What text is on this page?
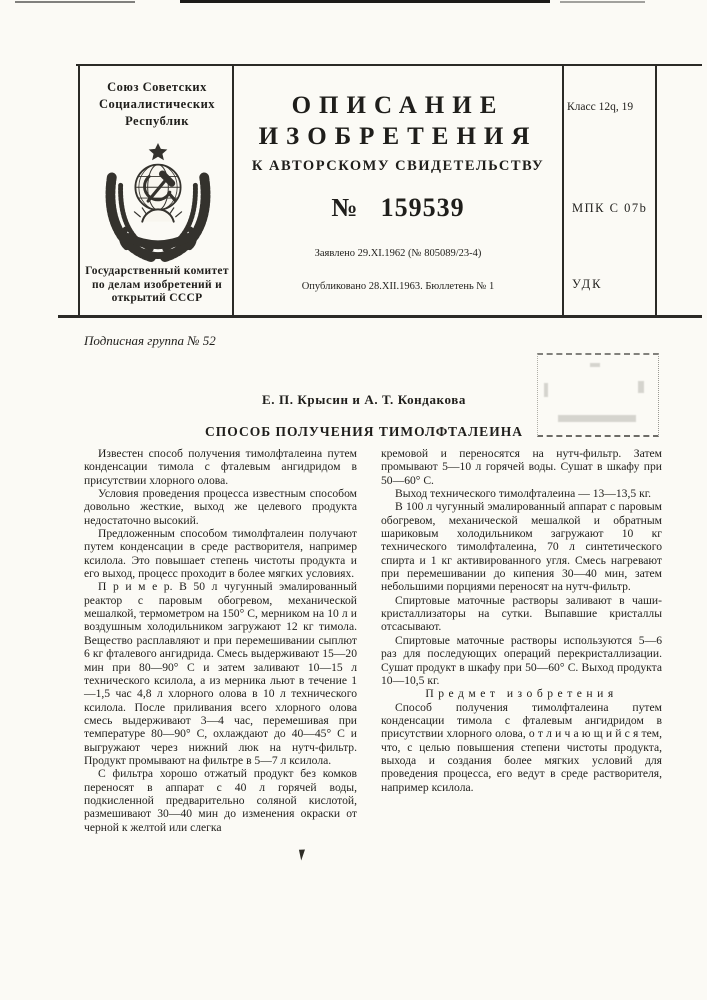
Союз Советских Социалистических Республик
Государственный комитет по делам изобретений и открытий СССР
ОПИСАНИЕ
ИЗОБРЕТЕНИЯ
К АВТОРСКОМУ СВИДЕТЕЛЬСТВУ
№ 159539
Заявлено 29.XI.1962 (№ 805089/23-4)
Опубликовано 28.XII.1963. Бюллетень № 1
Класс 12q, 19
МПК С 07b
УДК
Подписная группа № 52
Е. П. Крысин и А. Т. Кондакова
СПОСОБ ПОЛУЧЕНИЯ ТИМОЛФТАЛЕИНА

Известен способ получения тимолфталеина путем конденсации тимола с фталевым ангидридом в присутствии хлорного олова.

Условия проведения процесса известным способом довольно жесткие, выход же целевого продукта недостаточно высокий.

Предложенным способом тимолфталеин получают путем конденсации в среде растворителя, например ксилола. Это повышает степень чистоты продукта и его выход, процесс проходит в более мягких условиях.

П р и м е р. В 50 л чугунный эмалированный реактор с паровым обогревом, механической мешалкой, термометром на 150° С, мерником на 10 л и воздушным холодильником загружают 12 кг тимола. Вещество расплавляют и при перемешивании сыплют 6 кг фталевого ангидрида. Смесь выдерживают 15—20 мин при 80—90° С и затем заливают 10—15 л технического ксилола, а из мерника льют в течение 1—1,5 час 4,8 л хлорного олова в 10 л технического ксилола. После приливания всего хлорного олова смесь выдерживают 3—4 час, перемешивая при температуре 80—90° С, охлаждают до 40—45° С и выгружают через нижний люк на нутч-фильтр. Продукт промывают на фильтре в 5—7 л ксилола.

С фильтра хорошо отжатый продукт без комков переносят в аппарат с 40 л горячей воды, подкисленной предварительно соляной кислотой, размешивают 30—40 мин до изменения окраски от черной к желтой или слегка

кремовой и переносятся на нутч-фильтр. Затем промывают 5—10 л горячей воды. Сушат в шкафу при 50—60° С.

Выход технического тимолфталеина — 13—13,5 кг.

В 100 л чугунный эмалированный аппарат с паровым обогревом, механической мешалкой и обратным шариковым холодильником загружают 10 кг технического тимолфталеина, 70 л синтетического спирта и 1 кг активированного угля. Смесь нагревают при перемешивании до кипения 30—40 мин, затем небольшими порциями переносят на нутч-фильтр.

Спиртовые маточные растворы заливают в чаши-кристаллизаторы на сутки. Выпавшие кристаллы отсасывают.

Спиртовые маточные растворы используются 5—6 раз для последующих операций перекристаллизации. Сушат продукт в шкафу при 50—60° С. Выход продукта 10—10,5 кг.

Предмет изобретения

Способ получения тимолфталеина путем конденсации тимола с фталевым ангидридом в присутствии хлорного олова, о т л и ч а ю щ и й с я тем, что, с целью повышения степени чистоты продукта, выхода и создания более мягких условий для проведения процесса, его ведут в среде растворителя, например ксилола.
